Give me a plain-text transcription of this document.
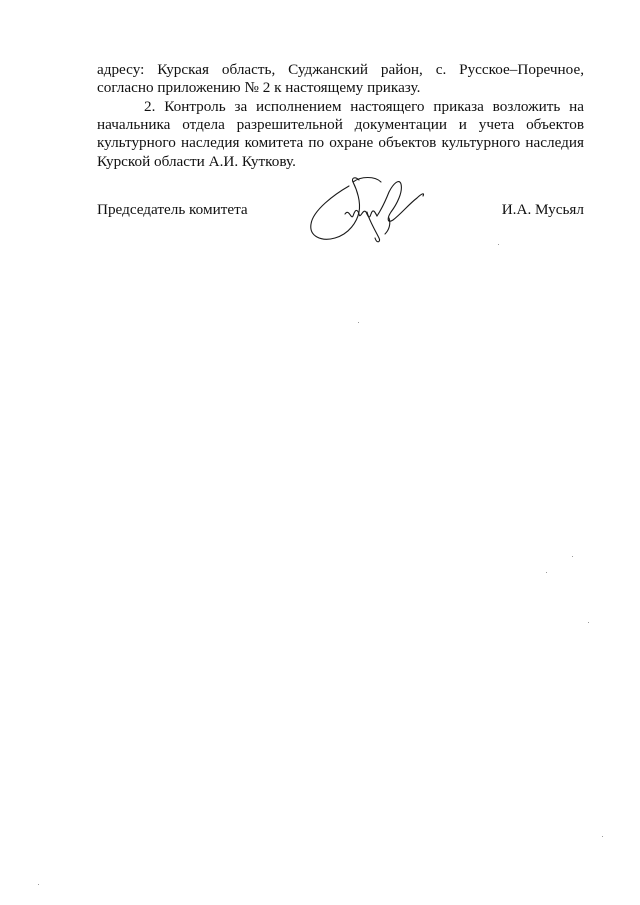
адресу: Курская область, Суджанский район, с. Русское–Поречное,
согласно приложению № 2 к настоящему приказу.
2. Контроль за исполнением настоящего приказа возложить на
начальника отдела разрешительной документации и учета объектов
культурного наследия комитета по охране объектов культурного наследия
Курской области А.И. Куткову.
Председатель комитета	И.А. Мусьял
